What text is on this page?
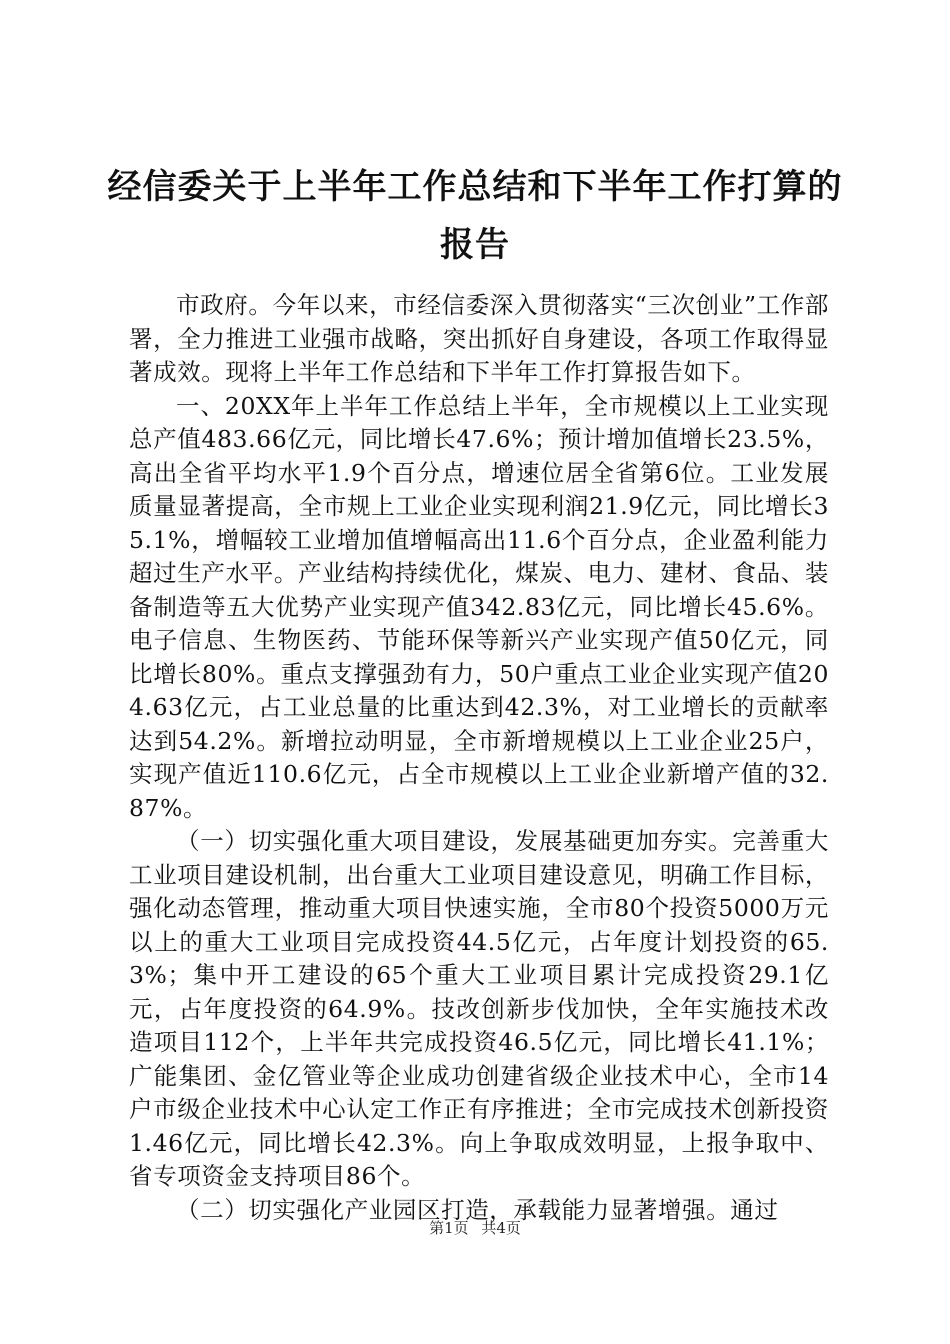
经信委关于上半年工作总结和下半年工作打算的报告

市政府。今年以来，市经信委深入贯彻落实“三次创业”工作部署，全力推进工业强市战略，突出抓好自身建设，各项工作取得显著成效。现将上半年工作总结和下半年工作打算报告如下。

一、20XX年上半年工作总结上半年，全市规模以上工业实现总产值483.66亿元，同比增长47.6%；预计增加值增长23.5%，高出全省平均水平1.9个百分点，增速位居全省第6位。工业发展质量显著提高，全市规上工业企业实现利润21.9亿元，同比增长35.1%，增幅较工业增加值增幅高出11.6个百分点，企业盈利能力超过生产水平。产业结构持续优化，煤炭、电力、建材、食品、装备制造等五大优势产业实现产值342.83亿元，同比增长45.6%。电子信息、生物医药、节能环保等新兴产业实现产值50亿元，同比增长80%。重点支撑强劲有力，50户重点工业企业实现产值204.63亿元，占工业总量的比重达到42.3%，对工业增长的贡献率达到54.2%。新增拉动明显，全市新增规模以上工业企业25户，实现产值近110.6亿元，占全市规模以上工业企业新增产值的32.87%。

（一）切实强化重大项目建设，发展基础更加夯实。完善重大工业项目建设机制，出台重大工业项目建设意见，明确工作目标，强化动态管理，推动重大项目快速实施，全市80个投资5000万元以上的重大工业项目完成投资44.5亿元，占年度计划投资的65.3%；集中开工建设的65个重大工业项目累计完成投资29.1亿元，占年度投资的64.9%。技改创新步伐加快，全年实施技术改造项目112个，上半年共完成投资46.5亿元，同比增长41.1%；广能集团、金亿管业等企业成功创建省级企业技术中心，全市14户市级企业技术中心认定工作正有序推进；全市完成技术创新投资1.46亿元，同比增长42.3%。向上争取成效明显，上报争取中、省专项资金支持项目86个。

（二）切实强化产业园区打造，承载能力显著增强。通过

第1页 共4页
